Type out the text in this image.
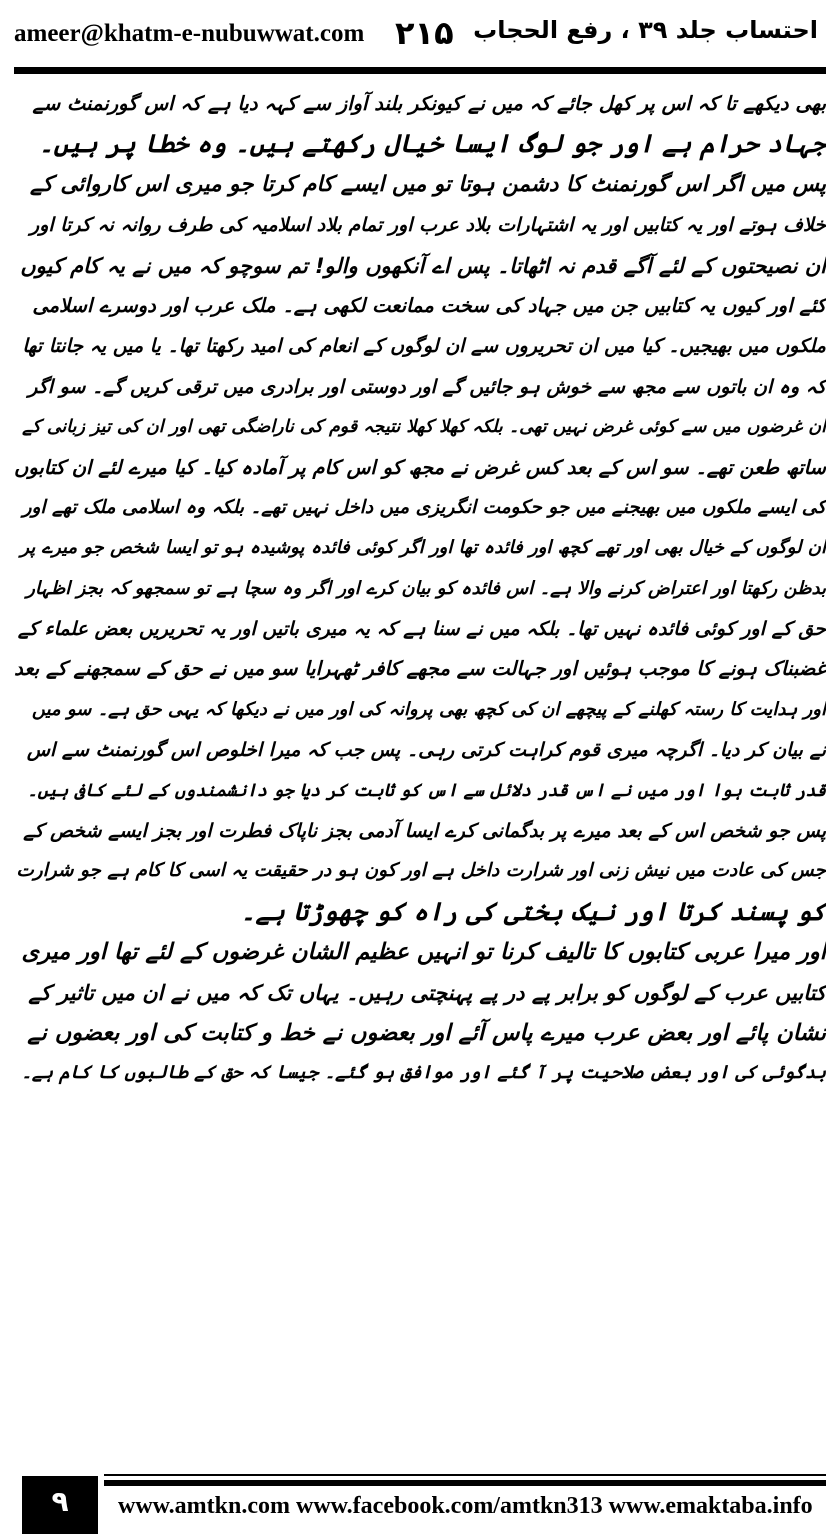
ameer@khatm-e-nubuwwat.com ۲۱۵ احتساب جلد ۳۹ ، رفع الحجاب
بھی دیکھے تا کہ اس پر کھل جائے کہ میں نے کیونکر بلند آواز سے کہہ دیا ہے کہ اس گورنمنٹ سے
جہاد حرام ہے اور جو لوگ ایسا خیال رکھتے ہیں۔ وہ خطا پر ہیں۔
پس میں اگر اس گورنمنٹ کا دشمن ہوتا تو میں ایسے کام کرتا جو میری اس کاروائی کے
خلاف ہوتے اور یہ کتابیں اور یہ اشتہارات بلاد عرب اور تمام بلاد اسلامیہ کی طرف روانہ نہ کرتا اور
ان نصیحتوں کے لئے آگے قدم نہ اٹھاتا۔ پس اے آنکھوں والو! تم سوچو کہ میں نے یہ کام کیوں
کئے اور کیوں یہ کتابیں جن میں جہاد کی سخت ممانعت لکھی ہے۔ ملک عرب اور دوسرے اسلامی
ملکوں میں بھیجیں۔ کیا میں ان تحریروں سے ان لوگوں کے انعام کی امید رکھتا تھا۔ یا میں یہ جانتا تھا
کہ وہ ان باتوں سے مجھ سے خوش ہو جائیں گے اور دوستی اور برادری میں ترقی کریں گے۔ سو اگر
ان غرضوں میں سے کوئی غرض نہیں تھی۔ بلکہ کھلا کھلا نتیجہ قوم کی ناراضگی تھی اور ان کی تیز زبانی کے
ساتھ طعن تھے۔ سو اس کے بعد کس غرض نے مجھ کو اس کام پر آمادہ کیا۔ کیا میرے لئے ان کتابوں
کی ایسے ملکوں میں بھیجنے میں جو حکومت انگریزی میں داخل نہیں تھے۔ بلکہ وہ اسلامی ملک تھے اور
ان لوگوں کے خیال بھی اور تھے کچھ اور فائدہ تھا اور اگر کوئی فائدہ پوشیدہ ہو تو ایسا شخص جو میرے پر
بدظن رکھتا اور اعتراض کرنے والا ہے۔ اس فائدہ کو بیان کرے اور اگر وہ سچا ہے تو سمجھو کہ بجز اظہار
حق کے اور کوئی فائدہ نہیں تھا۔ بلکہ میں نے سنا ہے کہ یہ میری باتیں اور یہ تحریریں بعض علماء کے
غضبناک ہونے کا موجب ہوئیں اور جہالت سے مجھے کافر ٹھہرایا سو میں نے حق کے سمجھنے کے بعد
اور ہدایت کا رستہ کھلنے کے پیچھے ان کی کچھ بھی پروانہ کی اور میں نے دیکھا کہ یہی حق ہے۔ سو میں
نے بیان کر دیا۔ اگرچہ میری قوم کراہت کرتی رہی۔ پس جب کہ میرا اخلوص اس گورنمنٹ سے اس
قدر ثابت ہوا اور میں نے اس قدر دلائل سے اس کو ثابت کر دیا جو دانشمندوں کے لئے کافی ہیں۔
پس جو شخص اس کے بعد میرے پر بدگمانی کرے ایسا آدمی بجز ناپاک فطرت اور بجز ایسے شخص کے
جس کی عادت میں نیش زنی اور شرارت داخل ہے اور کون ہو در حقیقت یہ اسی کا کام ہے جو شرارت
کو پسند کرتا اور نیک بختی کی راہ کو چھوڑتا ہے۔
اور میرا عربی کتابوں کا تالیف کرنا تو انہیں عظیم الشان غرضوں کے لئے تھا اور میری
کتابیں عرب کے لوگوں کو برابر پے در پے پہنچتی رہیں۔ یہاں تک کہ میں نے ان میں تاثیر کے
نشان پائے اور بعض عرب میرے پاس آئے اور بعضوں نے خط و کتابت کی اور بعضوں نے
بدگوئی کی اور بعض صلاحیت پر آ گئے اور موافق ہو گئے۔ جیسا کہ حق کے طالبوں کا کام ہے۔
۹	www.amtkn.com www.facebook.com/amtkn313 www.emaktaba.info
